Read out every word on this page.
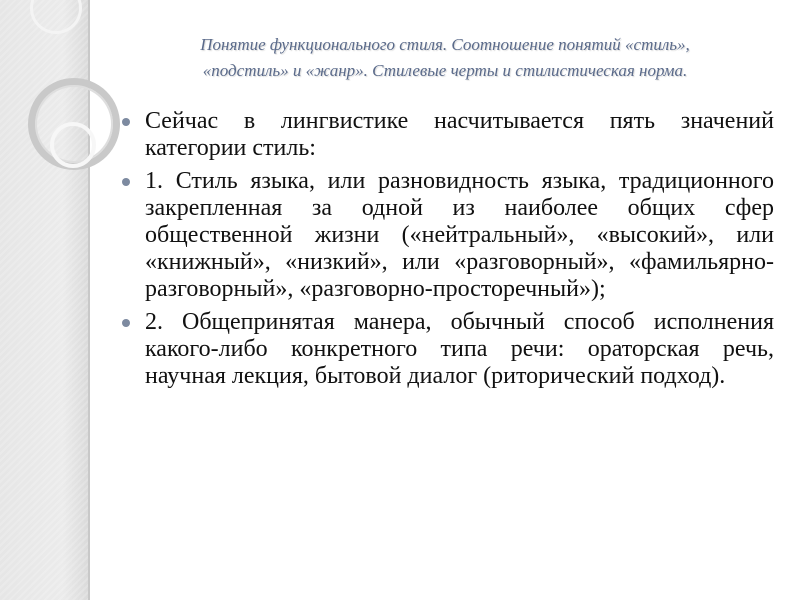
Понятие функционального стиля. Соотношение понятий «стиль»,
«подстиль» и «жанр». Стилевые черты и стилистическая норма.
Сейчас в лингвистике насчитывается пять значений категории стиль:
1. Стиль языка, или разновидность языка, традиционного закрепленная за одной из наиболее общих сфер общественной жизни («нейтральный», «высокий», или «книжный», «низкий», или «разговорный», «фамильярно-разговорный», «разговорно-просторечный»);
2. Общепринятая манера, обычный способ исполнения какого-либо конкретного типа речи: ораторская речь, научная лекция, бытовой диалог (риторический подход).
